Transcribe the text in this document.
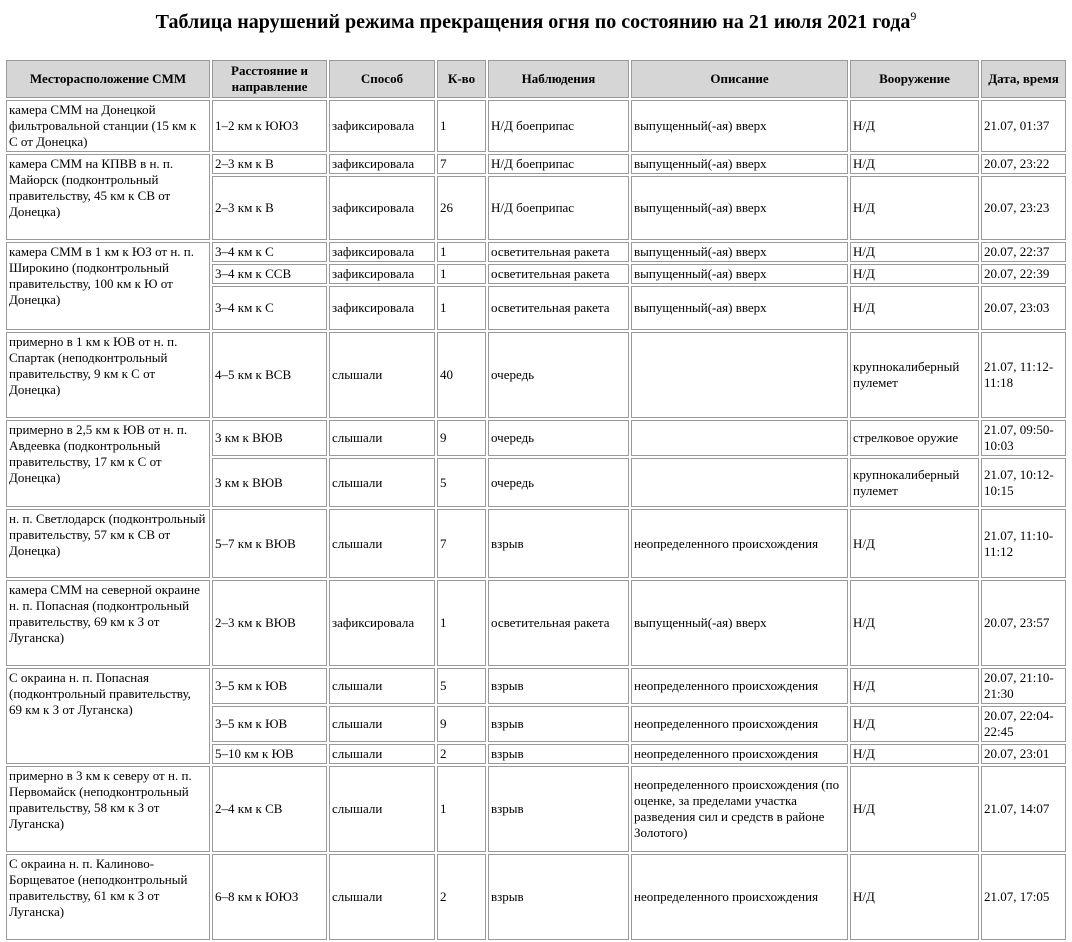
Таблица нарушений режима прекращения огня по состоянию на 21 июля 2021 года$^9$
Месторасположение СММ	Расстояние и направление	Способ	К-во	Наблюдения	Описание	Вооружение	Дата, время
камера СММ на Донецкой фильтровальной станции (15 км к С от Донецка)	1–2 км к ЮЮЗ	зафиксировала	1	Н/Д боеприпас	выпущенный(-ая) вверх	Н/Д	21.07, 01:37
камера СММ на КПВВ в н. п. Майорск (подконтрольный правительству, 45 км к СВ от Донецка)	2–3 км к В	зафиксировала	7	Н/Д боеприпас	выпущенный(-ая) вверх	Н/Д	20.07, 23:22
	2–3 км к В	зафиксировала	26	Н/Д боеприпас	выпущенный(-ая) вверх	Н/Д	20.07, 23:23
камера СММ в 1 км к ЮЗ от н. п. Широкино (подконтрольный правительству, 100 км к Ю от Донецка)	3–4 км к С	зафиксировала	1	осветительная ракета	выпущенный(-ая) вверх	Н/Д	20.07, 22:37
	3–4 км к ССВ	зафиксировала	1	осветительная ракета	выпущенный(-ая) вверх	Н/Д	20.07, 22:39
	3–4 км к С	зафиксировала	1	осветительная ракета	выпущенный(-ая) вверх	Н/Д	20.07, 23:03
примерно в 1 км к ЮВ от н. п. Спартак (неподконтрольный правительству, 9 км к С от Донецка)	4–5 км к ВСВ	слышали	40	очередь		крупнокалиберный пулемет	21.07, 11:12-11:18
примерно в 2,5 км к ЮВ от н. п. Авдеевка (подконтрольный правительству, 17 км к С от Донецка)	3 км к ВЮВ	слышали	9	очередь		стрелковое оружие	21.07, 09:50-10:03
	3 км к ВЮВ	слышали	5	очередь		крупнокалиберный пулемет	21.07, 10:12-10:15
н. п. Светлодарск (подконтрольный правительству, 57 км к СВ от Донецка)	5–7 км к ВЮВ	слышали	7	взрыв	неопределенного происхождения	Н/Д	21.07, 11:10-11:12
камера СММ на северной окраине н. п. Попасная (подконтрольный правительству, 69 км к З от Луганска)	2–3 км к ВЮВ	зафиксировала	1	осветительная ракета	выпущенный(-ая) вверх	Н/Д	20.07, 23:57
С окраина н. п. Попасная (подконтрольный правительству, 69 км к З от Луганска)	3–5 км к ЮВ	слышали	5	взрыв	неопределенного происхождения	Н/Д	20.07, 21:10-21:30
	3–5 км к ЮВ	слышали	9	взрыв	неопределенного происхождения	Н/Д	20.07, 22:04-22:45
	5–10 км к ЮВ	слышали	2	взрыв	неопределенного происхождения	Н/Д	20.07, 23:01
примерно в 3 км к северу от н. п. Первомайск (неподконтрольный правительству, 58 км к З от Луганска)	2–4 км к СВ	слышали	1	взрыв	неопределенного происхождения (по оценке, за пределами участка разведения сил и средств в районе Золотого)	Н/Д	21.07, 14:07
С окраина н. п. Калиново-Борщеватое (неподконтрольный правительству, 61 км к З от Луганска)	6–8 км к ЮЮЗ	слышали	2	взрыв	неопределенного происхождения	Н/Д	21.07, 17:05
